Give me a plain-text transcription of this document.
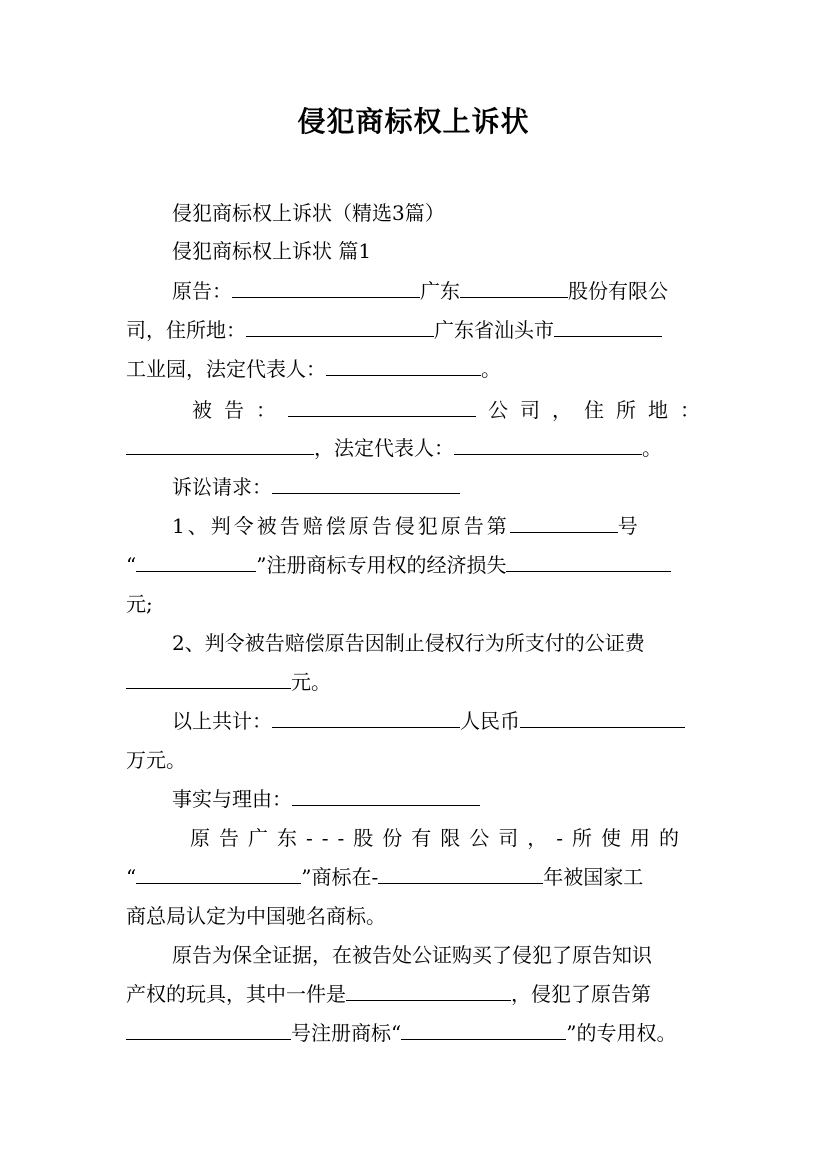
侵犯商标权上诉状
侵犯商标权上诉状（精选3篇）
侵犯商标权上诉状 篇1
原告：	广东	股份有限公
司，住所地：	广东省汕头市
工业园，法定代表人：	。
被 告 ：	公 司 ， 住 所 地 ：
，法定代表人：	。
诉讼请求：
1、判令被告赔偿原告侵犯原告第	号
“	”注册商标专用权的经济损失
元;
2、判令被告赔偿原告因制止侵权行为所支付的公证费
元。
以上共计：	人民币
万元。
事实与理由：
原告广东---股份有限公司，-所使用的
“	”商标在-	年被国家工
商总局认定为中国驰名商标。
原告为保全证据，在被告处公证购买了侵犯了原告知识
产权的玩具，其中一件是	，侵犯了原告第
号注册商标“	”的专用权。
